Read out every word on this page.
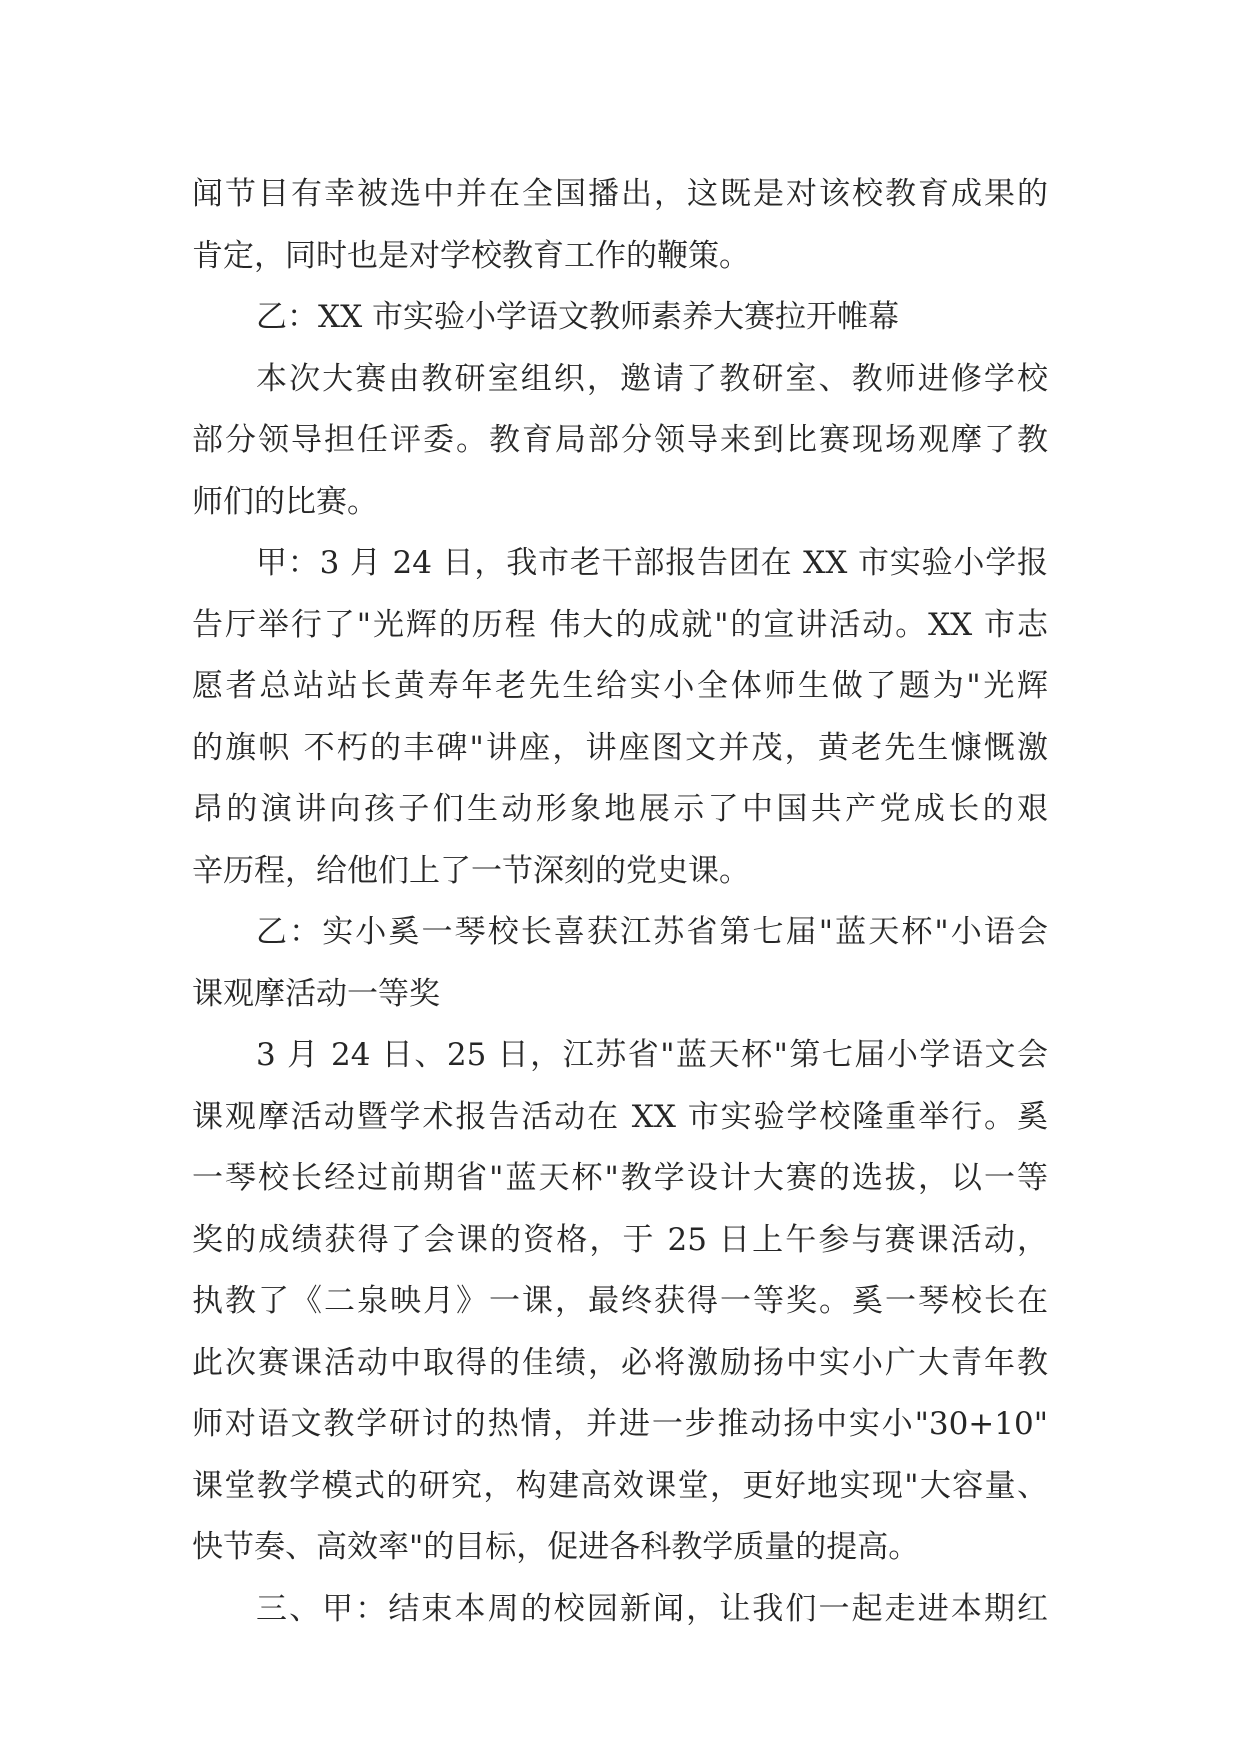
闻节目有幸被选中并在全国播出，这既是对该校教育成果的
肯定，同时也是对学校教育工作的鞭策。
乙：XX 市实验小学语文教师素养大赛拉开帷幕
本次大赛由教研室组织，邀请了教研室、教师进修学校
部分领导担任评委。教育局部分领导来到比赛现场观摩了教
师们的比赛。
甲：3 月 24 日，我市老干部报告团在 XX 市实验小学报
告厅举行了"光辉的历程 伟大的成就"的宣讲活动。XX 市志
愿者总站站长黄寿年老先生给实小全体师生做了题为"光辉
的旗帜 不朽的丰碑"讲座，讲座图文并茂，黄老先生慷慨激
昂的演讲向孩子们生动形象地展示了中国共产党成长的艰
辛历程，给他们上了一节深刻的党史课。
乙：实小奚一琴校长喜获江苏省第七届"蓝天杯"小语会
课观摩活动一等奖
3 月 24 日、25 日，江苏省"蓝天杯"第七届小学语文会
课观摩活动暨学术报告活动在 XX 市实验学校隆重举行。奚
一琴校长经过前期省"蓝天杯"教学设计大赛的选拔，以一等
奖的成绩获得了会课的资格，于 25 日上午参与赛课活动，
执教了《二泉映月》一课，最终获得一等奖。奚一琴校长在
此次赛课活动中取得的佳绩，必将激励扬中实小广大青年教
师对语文教学研讨的热情，并进一步推动扬中实小"30+10"
课堂教学模式的研究，构建高效课堂，更好地实现"大容量、
快节奏、高效率"的目标，促进各科教学质量的提高。
三、甲：结束本周的校园新闻，让我们一起走进本期红
